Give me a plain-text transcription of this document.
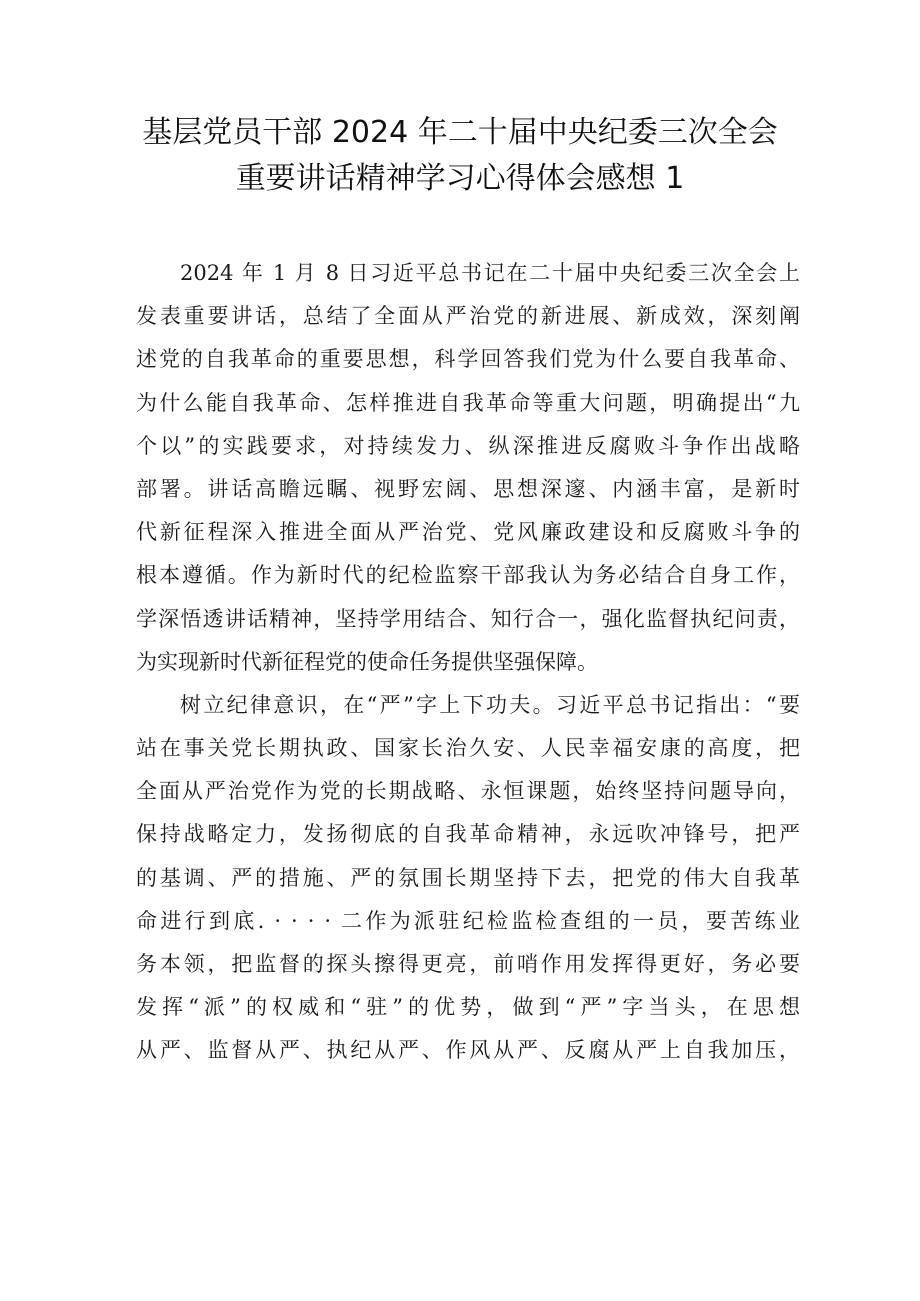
基层党员干部 2024 年二十届中央纪委三次全会
重要讲话精神学习心得体会感想 1
2024 年 1 月 8 日习近平总书记在二十届中央纪委三次全会上
发表重要讲话，总结了全面从严治党的新进展、新成效，深刻阐
述党的自我革命的重要思想，科学回答我们党为什么要自我革命、
为什么能自我革命、怎样推进自我革命等重大问题，明确提出“九
个以”的实践要求，对持续发力、纵深推进反腐败斗争作出战略
部署。讲话高瞻远瞩、视野宏阔、思想深邃、内涵丰富，是新时
代新征程深入推进全面从严治党、党风廉政建设和反腐败斗争的
根本遵循。作为新时代的纪检监察干部我认为务必结合自身工作，
学深悟透讲话精神，坚持学用结合、知行合一，强化监督执纪问责，
为实现新时代新征程党的使命任务提供坚强保障。
树立纪律意识，在“严”字上下功夫。习近平总书记指出：“要
站在事关党长期执政、国家长治久安、人民幸福安康的高度，把
全面从严治党作为党的长期战略、永恒课题，始终坚持问题导向，
保持战略定力，发扬彻底的自我革命精神，永远吹冲锋号，把严
的基调、严的措施、严的氛围长期坚持下去，把党的伟大自我革
命进行到底. · · · · 二作为派驻纪检监检查组的一员，要苦练业
务本领，把监督的探头擦得更亮，前哨作用发挥得更好，务必要
发挥“派”的权威和“驻”的优势，做到“严”字当头，在思想
从严、监督从严、执纪从严、作风从严、反腐从严上自我加压，
